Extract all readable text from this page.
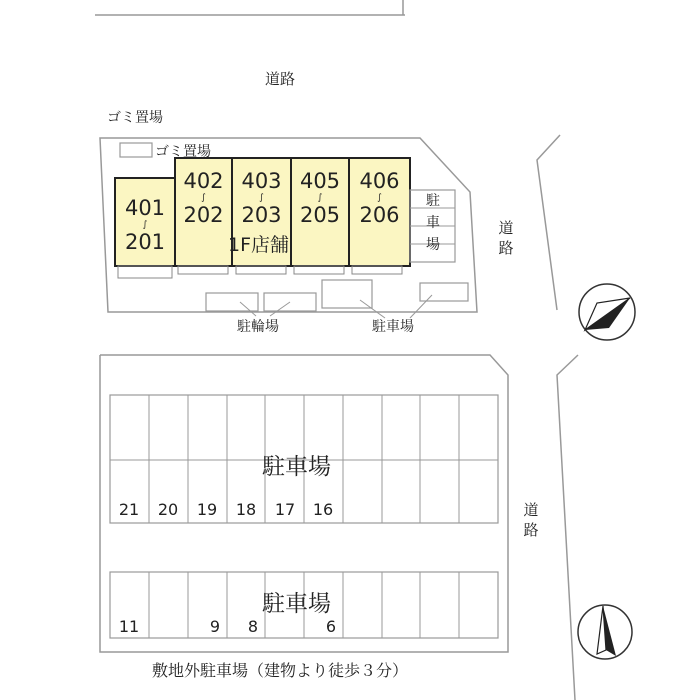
道路
ゴミ置場
ゴミ置場
401
∫
201
402
∫
202
403
∫
203
405
∫
205
406
∫
206
1F店舗
駐車場
道路
道路
駐輪場	駐車場
駐車場
駐車場
21	20	19	18	17	16
11	9	8	6
敷地外駐車場（建物より徒歩３分）
